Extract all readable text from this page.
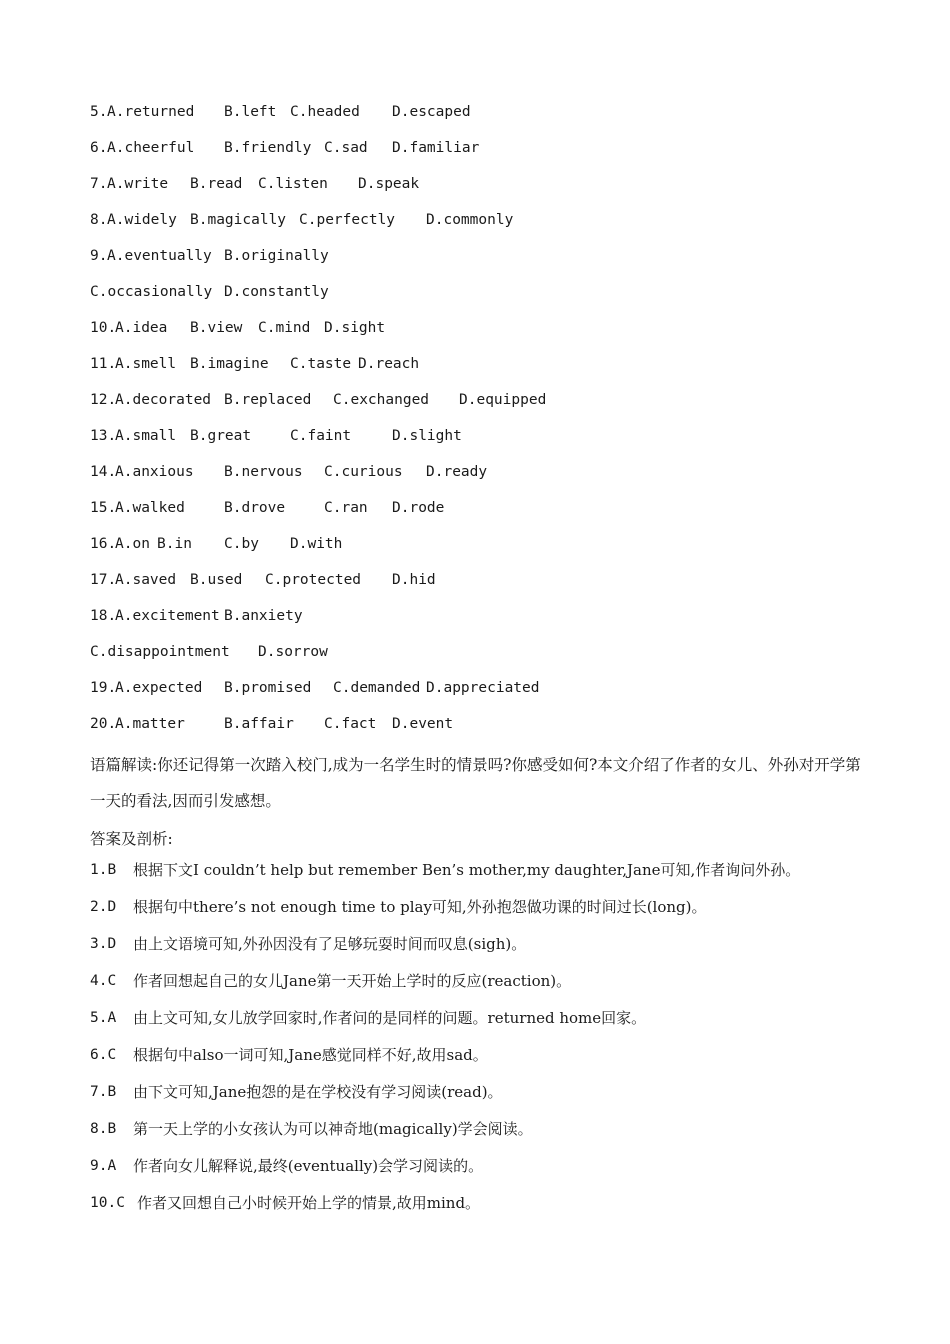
5. A.returned	B.left C.headed	D.escaped
6. A.cheerful	B.friendly C.sad	D.familiar
7. A.write	B.read	C.listen	D.speak
8. A.widely B.magically C.perfectly	D.commonly
9. A.eventually B.originally
C.occasionally D.constantly
10.
A.idea	B.view	C.mind D.sight
11.
A.smell B.imagine	C.taste D.reach
12.
A.decorated B.replaced	C.exchanged	D.equipped
13.
A.small B.great	C.faint	D.slight
14.
A.anxious	B.nervous	C.curious	D.ready
15.
A.walked	B.drove	C.ran	D.rode
16.
A.on B.in	C.by	D.with
17.
A.saved B.used	C.protected	D.hid
18.
A.excitement B.anxiety
C.disappointment	D.sorrow
19.
A.expected	B.promised	C.demanded D.appreciated
20.
A.matter	B.affair	C.fact	D.event
语篇解读:你还记得第一次踏入校门,成为一名学生时的情景吗?你感受如何?本文介绍了作者的女儿、外孙对开学第一天的看法,因而引发感想。
答案及剖析:
1.B	根据下文I couldn’t help but remember Ben’s mother,my daughter,Jane可知,作者询问外孙。
2.D	根据句中there’s not enough time to play可知,外孙抱怨做功课的时间过长(long)。
3.D	由上文语境可知,外孙因没有了足够玩耍时间而叹息(sigh)。
4.C	作者回想起自己的女儿Jane第一天开始上学时的反应(reaction)。
5.A	由上文可知,女儿放学回家时,作者问的是同样的问题。returned home回家。
6.C	根据句中also一词可知,Jane感觉同样不好,故用sad。
7.B	由下文可知,Jane抱怨的是在学校没有学习阅读(read)。
8.B	第一天上学的小女孩认为可以神奇地(magically)学会阅读。
9.A	作者向女儿解释说,最终(eventually)会学习阅读的。
10.C 作者又回想自己小时候开始上学的情景,故用mind。
